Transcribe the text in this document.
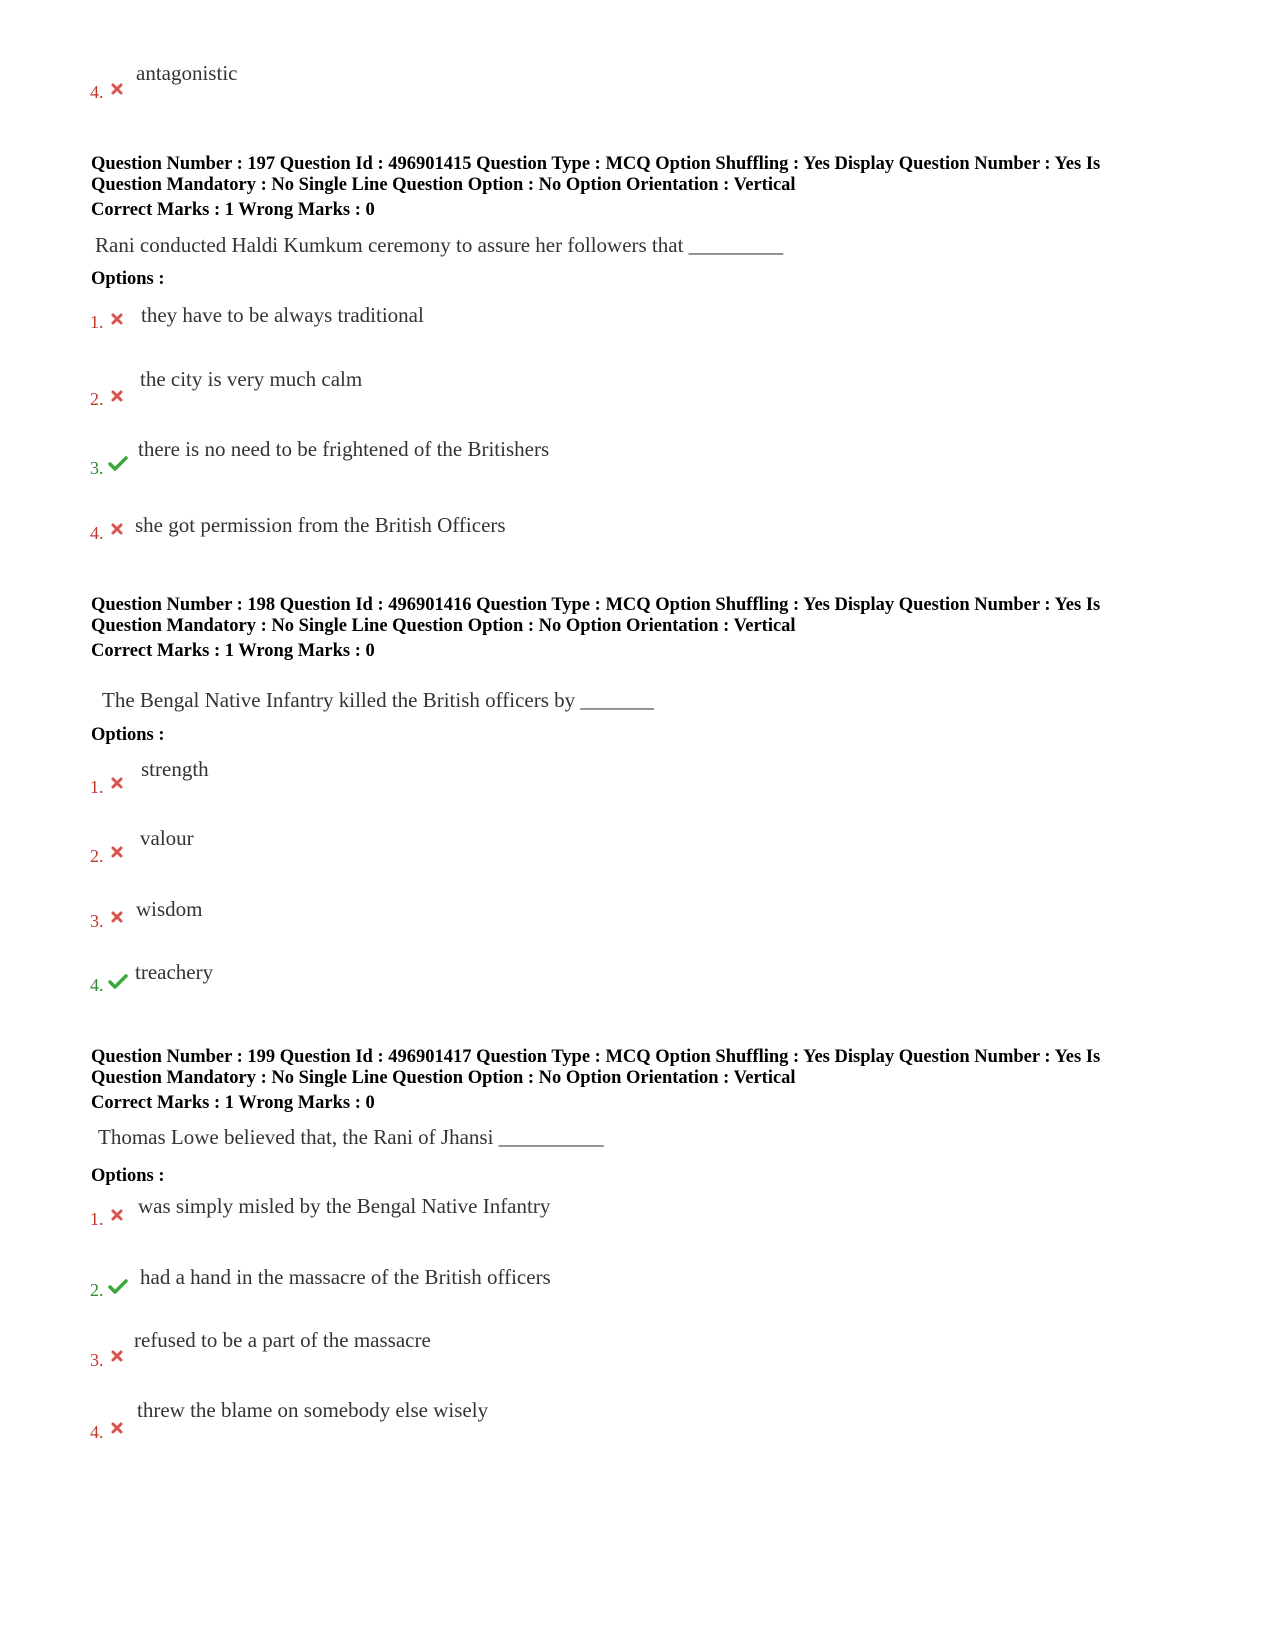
4.
antagonistic
Question Number : 197 Question Id : 496901415 Question Type : MCQ Option Shuffling : Yes Display Question Number : Yes Is
Question Mandatory : No Single Line Question Option : No Option Orientation : Vertical
Correct Marks : 1 Wrong Marks : 0
Rani conducted Haldi Kumkum ceremony to assure her followers that _________
Options :
1. they have to be always traditional
2.
the city is very much calm
3.
there is no need to be frightened of the Britishers
4. she got permission from the British Officers
Question Number : 198 Question Id : 496901416 Question Type : MCQ Option Shuffling : Yes Display Question Number : Yes Is
Question Mandatory : No Single Line Question Option : No Option Orientation : Vertical
Correct Marks : 1 Wrong Marks : 0
The Bengal Native Infantry killed the British officers by _______
Options :
1.
strength
2.
valour
3. wisdom
4.
treachery
Question Number : 199 Question Id : 496901417 Question Type : MCQ Option Shuffling : Yes Display Question Number : Yes Is
Question Mandatory : No Single Line Question Option : No Option Orientation : Vertical
Correct Marks : 1 Wrong Marks : 0
Thomas Lowe believed that, the Rani of Jhansi __________
Options :
1.
was simply misled by the Bengal Native Infantry
2.
had a hand in the massacre of the British officers
3.
refused to be a part of the massacre
4.
threw the blame on somebody else wisely
